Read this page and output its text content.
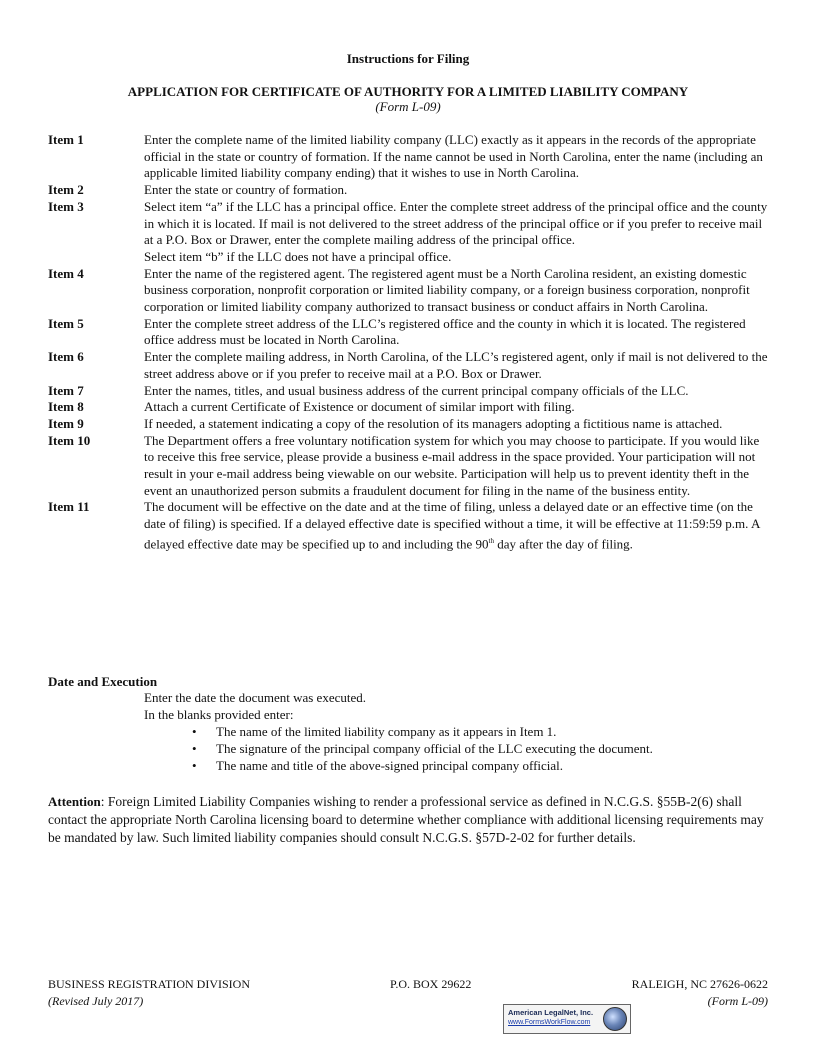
Instructions for Filing
APPLICATION FOR CERTIFICATE OF AUTHORITY FOR A LIMITED LIABILITY COMPANY
(Form L-09)
Item 1	Enter the complete name of the limited liability company (LLC) exactly as it appears in the records of the appropriate official in the state or country of formation. If the name cannot be used in North Carolina, enter the name (including an applicable limited liability company ending) that it wishes to use in North Carolina.
Item 2	Enter the state or country of formation.
Item 3	Select item “a” if the LLC has a principal office. Enter the complete street address of the principal office and the county in which it is located. If mail is not delivered to the street address of the principal office or if you prefer to receive mail at a P.O. Box or Drawer, enter the complete mailing address of the principal office.
Select item “b” if the LLC does not have a principal office.
Item 4	Enter the name of the registered agent. The registered agent must be a North Carolina resident, an existing domestic business corporation, nonprofit corporation or limited liability company, or a foreign business corporation, nonprofit corporation or limited liability company authorized to transact business or conduct affairs in North Carolina.
Item 5	Enter the complete street address of the LLC’s registered office and the county in which it is located. The registered office address must be located in North Carolina.
Item 6	Enter the complete mailing address, in North Carolina, of the LLC’s registered agent, only if mail is not delivered to the street address above or if you prefer to receive mail at a P.O. Box or Drawer.
Item 7	Enter the names, titles, and usual business address of the current principal company officials of the LLC.
Item 8	Attach a current Certificate of Existence or document of similar import with filing.
Item 9	If needed, a statement indicating a copy of the resolution of its managers adopting a fictitious name is attached.
Item 10	The Department offers a free voluntary notification system for which you may choose to participate. If you would like to receive this free service, please provide a business e-mail address in the space provided. Your participation will not result in your e-mail address being viewable on our website. Participation will help us to prevent identity theft in the event an unauthorized person submits a fraudulent document for filing in the name of the business entity.
Item 11	The document will be effective on the date and at the time of filing, unless a delayed date or an effective time (on the date of filing) is specified. If a delayed effective date is specified without a time, it will be effective at 11:59:59 p.m. A delayed effective date may be specified up to and including the 90th day after the day of filing.
Date and Execution
Enter the date the document was executed.
In the blanks provided enter:
• The name of the limited liability company as it appears in Item 1.
• The signature of the principal company official of the LLC executing the document.
• The name and title of the above-signed principal company official.
Attention: Foreign Limited Liability Companies wishing to render a professional service as defined in N.C.G.S. §55B-2(6) shall contact the appropriate North Carolina licensing board to determine whether compliance with additional licensing requirements may be mandated by law. Such limited liability companies should consult N.C.G.S. §57D-2-02 for further details.
BUSINESS REGISTRATION DIVISION
(Revised July 2017)
P.O. BOX 29622	RALEIGH, NC 27626-0622
(Form L-09)
American LegalNet, Inc.
www.FormsWorkFlow.com
